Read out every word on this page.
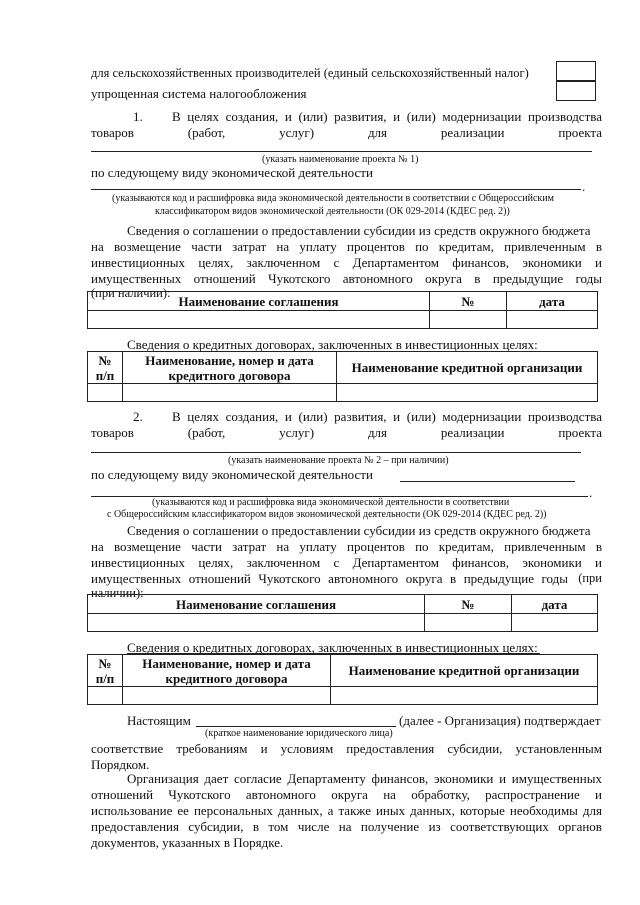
для сельскохозяйственных производителей (единый сельскохозяйственный налог)
упрощенная система налогообложения
1. В целях создания, и (или) развития, и (или) модернизации производства
товаров	(работ,	услуг)	для	реализации	проекта
(указать наименование проекта № 1)
по следующему виду экономической деятельности
.
(указываются код и расшифровка вида экономической деятельности в соответствии с Общероссийским
классификатором видов экономической деятельности (ОК 029-2014 (КДЕС ред. 2))
Сведения о соглашении о предоставлении субсидии из средств окружного бюджета
на возмещение части затрат на уплату процентов по кредитам, привлеченным в
инвестиционных целях, заключенном с Департаментом финансов, экономики и
имущественных отношений Чукотского автономного округа в предыдущие годы
(при наличии):
Наименование соглашения	№	дата

Сведения о кредитных договорах, заключенных в инвестиционных целях:
№
п/п	Наименование, номер и дата
кредитного договора	Наименование кредитной организации

2. В целях создания, и (или) развития, и (или) модернизации производства
товаров	(работ,	услуг)	для	реализации	проекта
(указать наименование проекта № 2 – при наличии)
по следующему виду экономической деятельности
.
(указываются код и расшифровка вида экономической деятельности в соответствии
с Общероссийским классификатором видов экономической деятельности (ОК 029-2014 (КДЕС ред. 2))
Сведения о соглашении о предоставлении субсидии из средств окружного бюджета
на возмещение части затрат на уплату процентов по кредитам, привлеченным в
инвестиционных целях, заключенном с Департаментом финансов, экономики и
имущественных отношений Чукотского автономного округа в предыдущие годы (при
наличии):
Наименование соглашения	№	дата

Сведения о кредитных договорах, заключенных в инвестиционных целях:
№
п/п	Наименование, номер и дата
кредитного договора	Наименование кредитной организации

Настоящим	(далее - Организация) подтверждает
(краткое наименование юридического лица)
соответствие требованиям и условиям предоставления субсидии, установленным
Порядком.
Организация дает согласие Департаменту финансов, экономики и имущественных
отношений Чукотского автономного округа на обработку, распространение и
использование ее персональных данных, а также иных данных, которые необходимы для
предоставления субсидии, в том числе на получение из соответствующих органов
документов, указанных в Порядке.
